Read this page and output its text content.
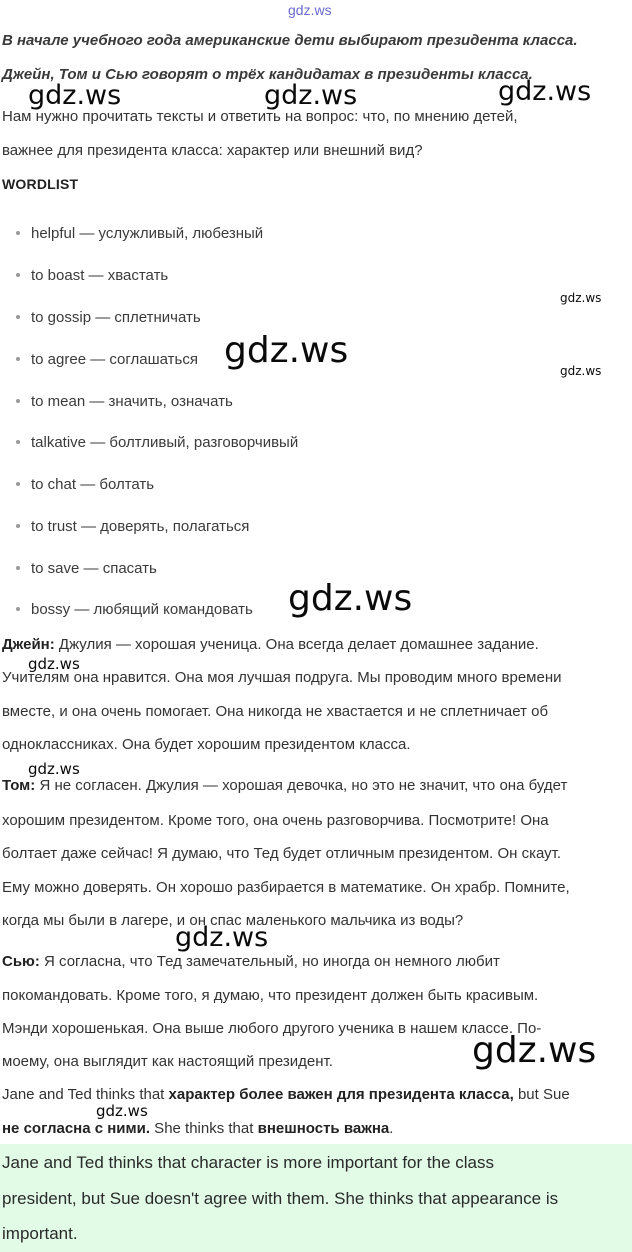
gdz.ws

В начале учебного года американские дети выбирают президента класса.

Джейн, Том и Сью говорят о трёх кандидатах в президенты класса.

Нам нужно прочитать тексты и ответить на вопрос: что, по мнению детей,

важнее для президента класса: характер или внешний вид?

WORDLIST

helpful — услужливый, любезный

to boast — хвастать

to gossip — сплетничать

to agree — соглашаться

to mean — значить, означать

talkative — болтливый, разговорчивый

to chat — болтать

to trust — доверять, полагаться

to save — спасать

bossy — любящий командовать

Джейн: Джулия — хорошая ученица. Она всегда делает домашнее задание.

Учителям она нравится. Она моя лучшая подруга. Мы проводим много времени

вместе, и она очень помогает. Она никогда не хвастается и не сплетничает об

одноклассниках. Она будет хорошим президентом класса.

Том: Я не согласен. Джулия — хорошая девочка, но это не значит, что она будет

хорошим президентом. Кроме того, она очень разговорчива. Посмотрите! Она

болтает даже сейчас! Я думаю, что Тед будет отличным президентом. Он скаут.

Ему можно доверять. Он хорошо разбирается в математике. Он храбр. Помните,

когда мы были в лагере, и он спас маленького мальчика из воды?

Сью: Я согласна, что Тед замечательный, но иногда он немного любит

покомандовать. Кроме того, я думаю, что президент должен быть красивым.

Мэнди хорошенькая. Она выше любого другого ученика в нашем классе. По-

моему, она выглядит как настоящий президент.

Jane and Ted thinks that характер более важен для президента класса, but Sue

не согласна с ними. She thinks that внешность важна.

Jane and Ted thinks that character is more important for the class

president, but Sue doesn't agree with them. She thinks that appearance is

important.

gdz.ws	gdz.ws	gdz.ws
gdz.ws
gdz.ws	gdz.ws
gdz.ws
gdz.ws
gdz.ws
gdz.ws
gdz.ws
gdz.ws
